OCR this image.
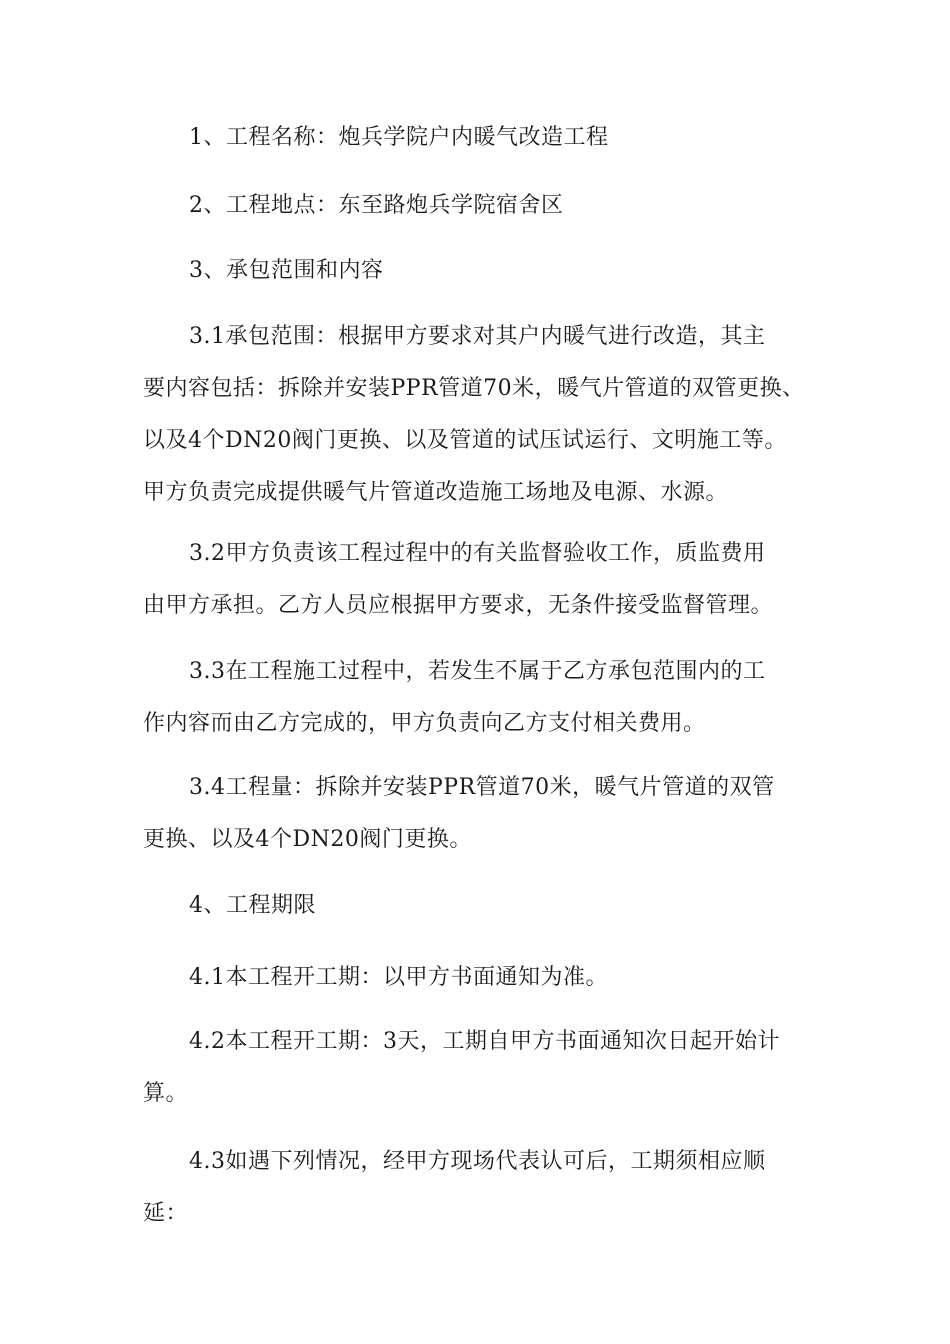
1、工程名称：炮兵学院户内暖气改造工程
2、工程地点：东至路炮兵学院宿舍区
3、承包范围和内容
3.1承包范围：根据甲方要求对其户内暖气进行改造，其主
要内容包括：拆除并安装PPR管道70米，暖气片管道的双管更换、
以及4个DN20阀门更换、以及管道的试压试运行、文明施工等。
甲方负责完成提供暖气片管道改造施工场地及电源、水源。
3.2甲方负责该工程过程中的有关监督验收工作，质监费用
由甲方承担。乙方人员应根据甲方要求，无条件接受监督管理。
3.3在工程施工过程中，若发生不属于乙方承包范围内的工
作内容而由乙方完成的，甲方负责向乙方支付相关费用。
3.4工程量：拆除并安装PPR管道70米，暖气片管道的双管
更换、以及4个DN20阀门更换。
4、工程期限
4.1本工程开工期：以甲方书面通知为准。
4.2本工程开工期：3天，工期自甲方书面通知次日起开始计
算。
4.3如遇下列情况，经甲方现场代表认可后，工期须相应顺
延：
